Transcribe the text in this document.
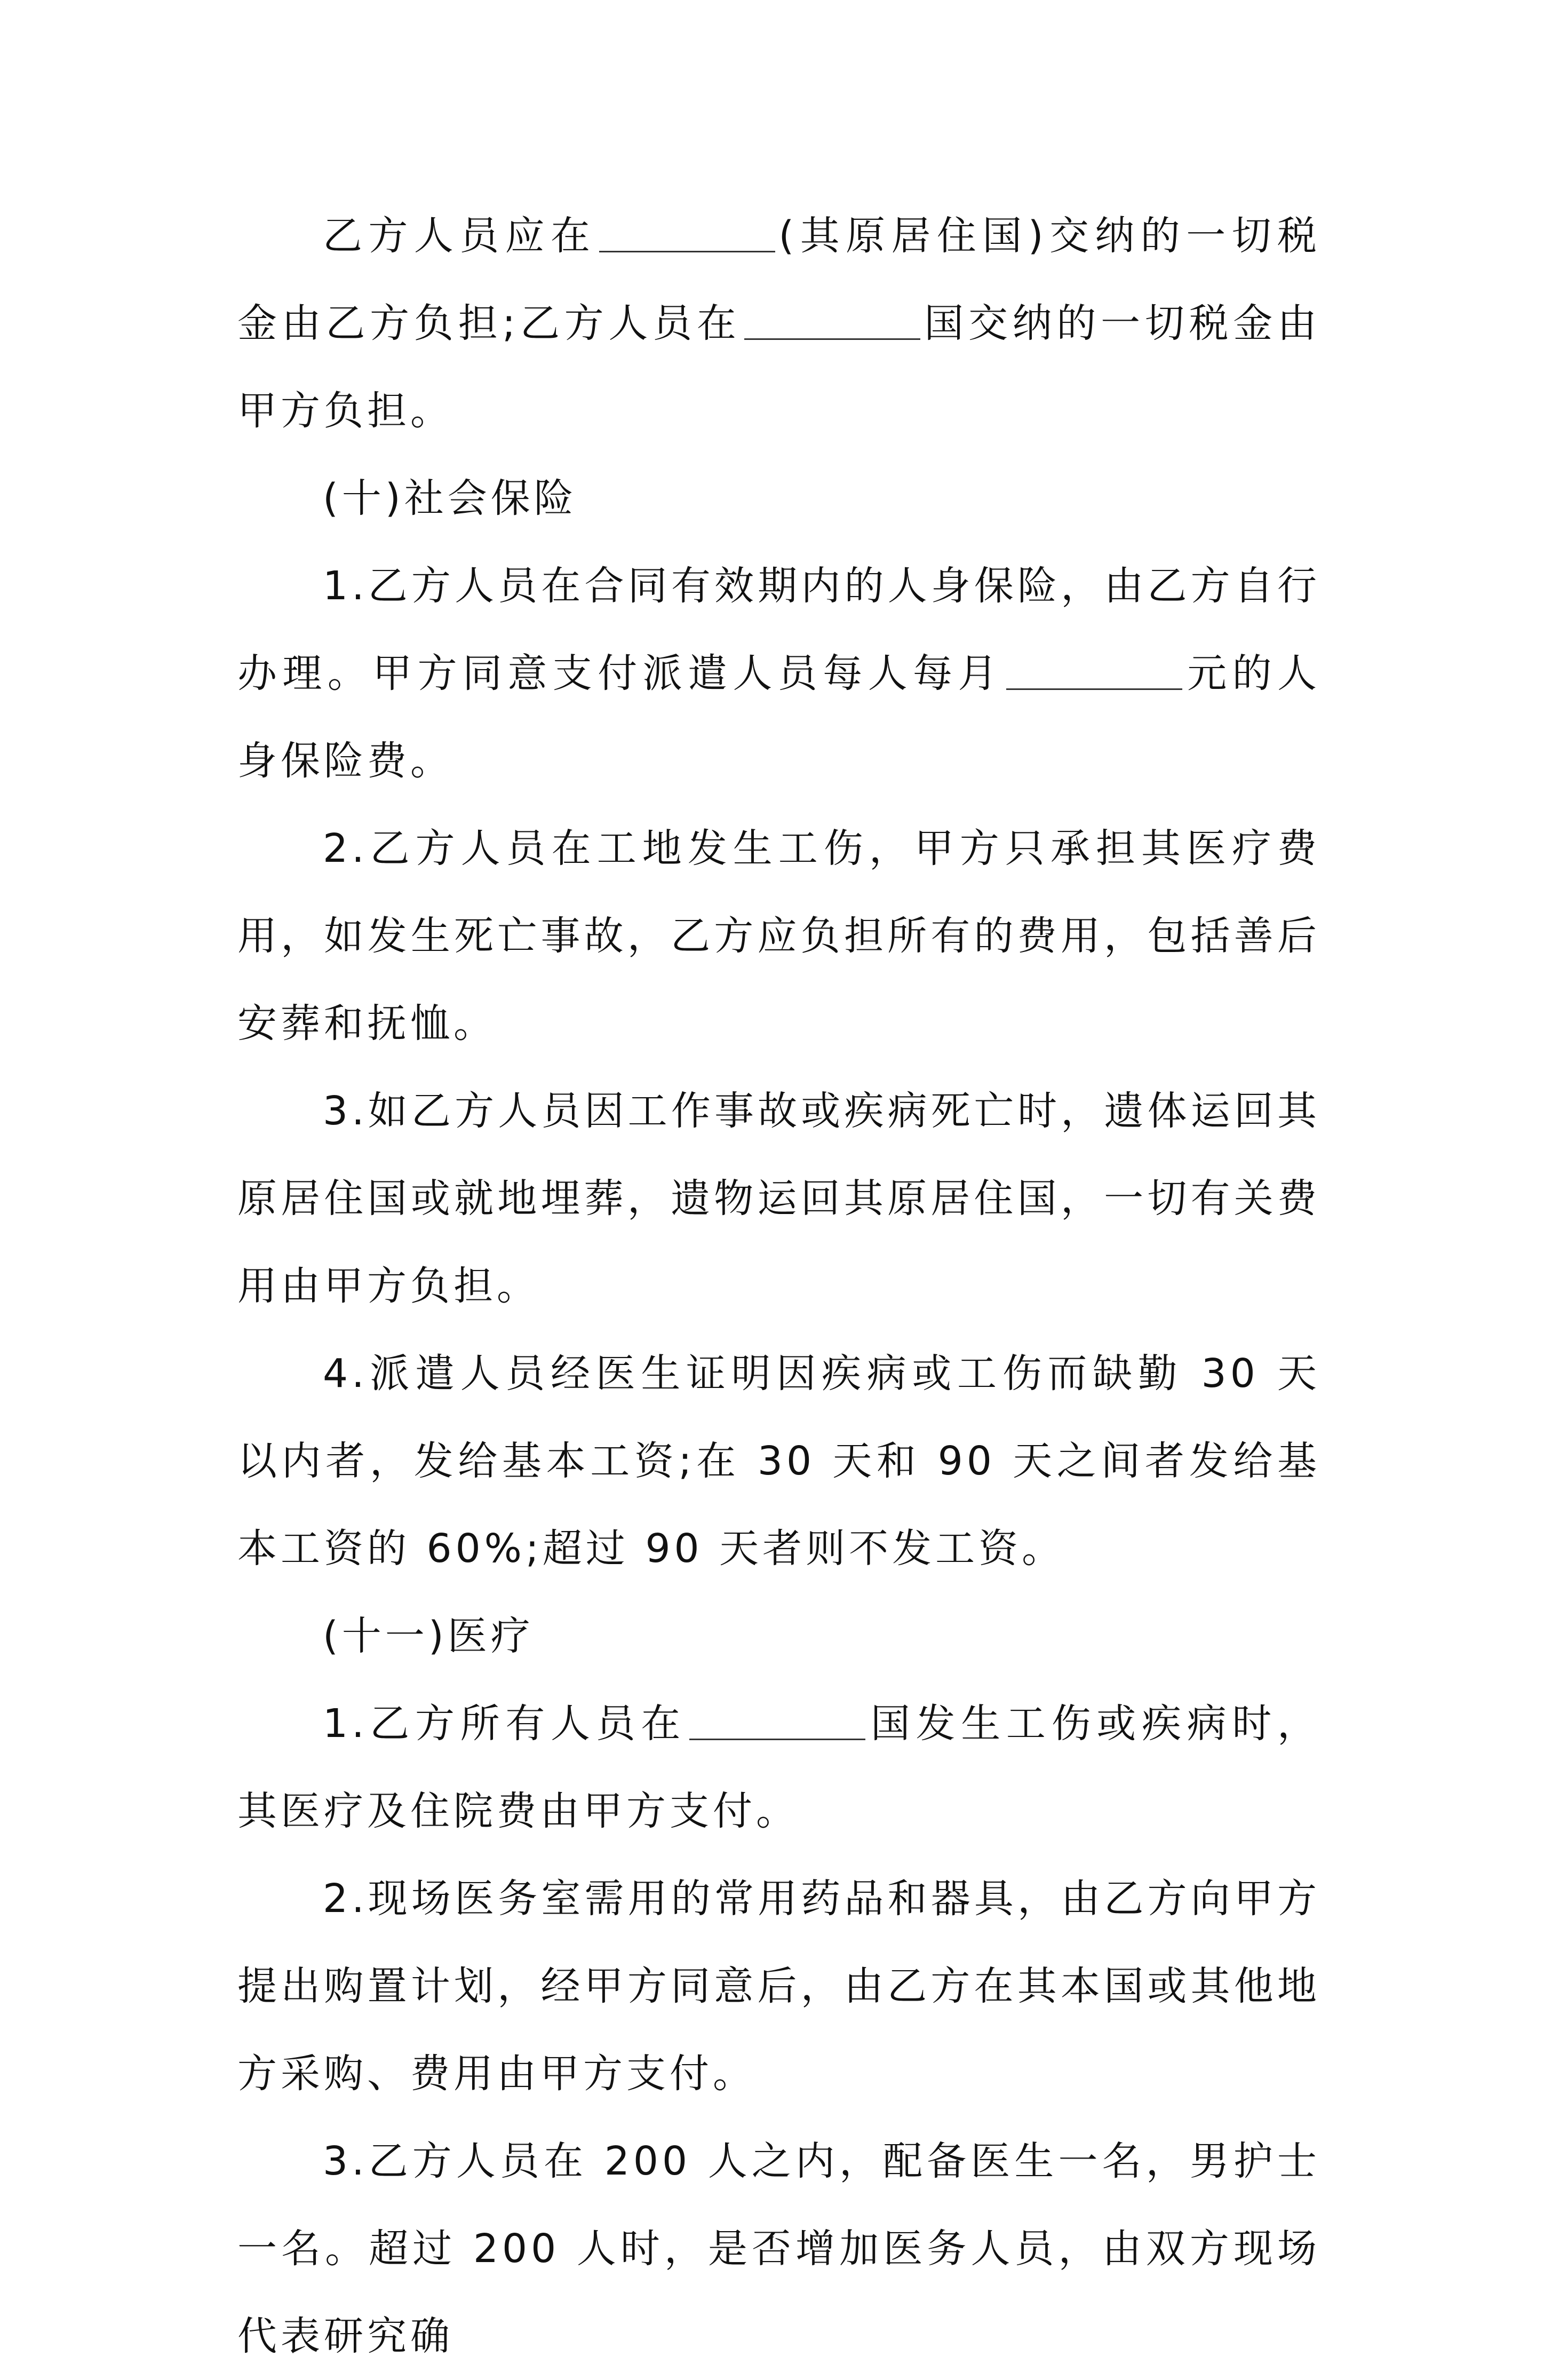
乙方人员应在	(其原居住国)交纳的一切税金由乙方负担;乙方人员在	国交纳的一切税金由甲方负担。

(十)社会保险

1.乙方人员在合同有效期内的人身保险，由乙方自行办理。甲方同意支付派遣人员每人每月	元的人身保险费。

2.乙方人员在工地发生工伤，甲方只承担其医疗费用，如发生死亡事故，乙方应负担所有的费用，包括善后安葬和抚恤。

3.如乙方人员因工作事故或疾病死亡时，遗体运回其原居住国或就地埋葬，遗物运回其原居住国，一切有关费用由甲方负担。

4.派遣人员经医生证明因疾病或工伤而缺勤 30 天以内者，发给基本工资;在 30 天和 90 天之间者发给基本工资的 60%;超过 90 天者则不发工资。

(十一)医疗

1.乙方所有人员在	国发生工伤或疾病时，其医疗及住院费由甲方支付。

2.现场医务室需用的常用药品和器具，由乙方向甲方提出购置计划，经甲方同意后，由乙方在其本国或其他地方采购、费用由甲方支付。

3.乙方人员在 200 人之内，配备医生一名，男护士一名。超过 200 人时，是否增加医务人员，由双方现场代表研究确
